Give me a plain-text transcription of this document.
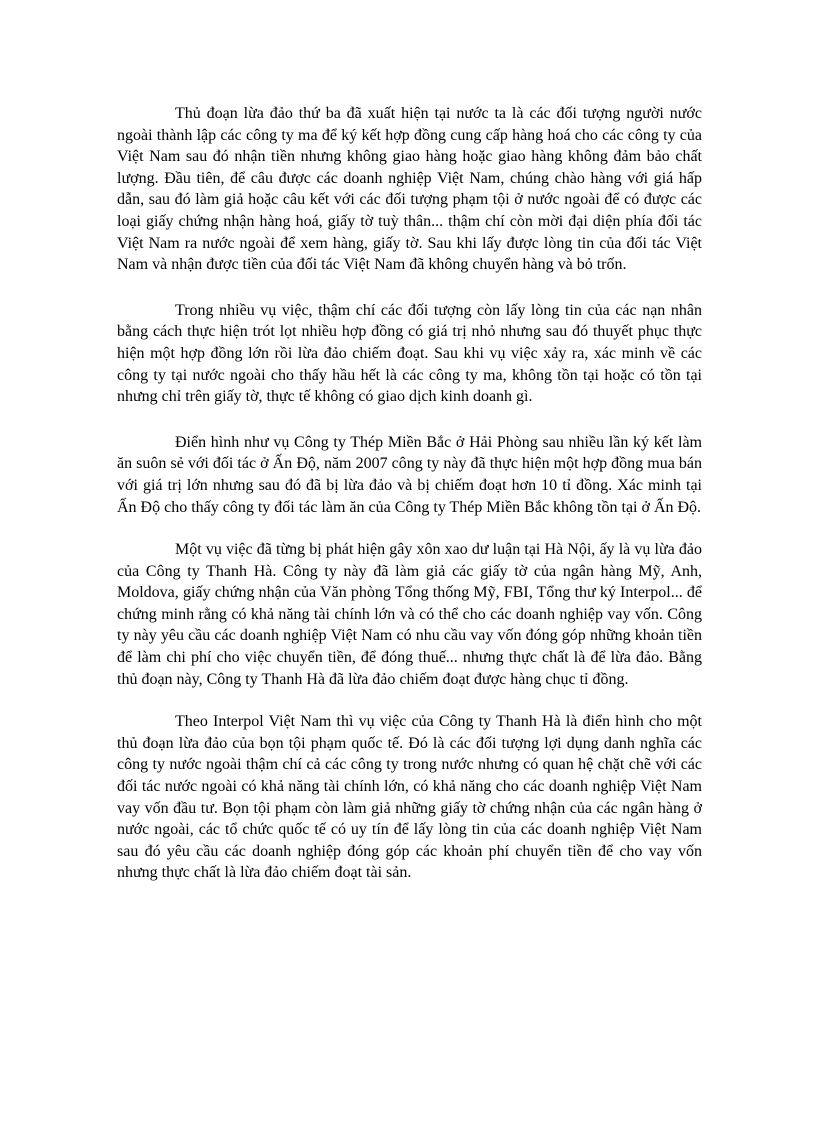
Thủ đoạn lừa đảo thứ ba đã xuất hiện tại nước ta là các đối tượng người nước ngoài thành lập các công ty ma để ký kết hợp đồng cung cấp hàng hoá cho các công ty của Việt Nam sau đó nhận tiền nhưng không giao hàng hoặc giao hàng không đảm bảo chất lượng. Đầu tiên, để câu được các doanh nghiệp Việt Nam, chúng chào hàng với giá hấp dẫn, sau đó làm giả hoặc câu kết với các đối tượng phạm tội ở nước ngoài để có được các loại giấy chứng nhận hàng hoá, giấy tờ tuỳ thân... thậm chí còn mời đại diện phía đối tác Việt Nam ra nước ngoài để xem hàng, giấy tờ. Sau khi lấy được lòng tin của đối tác Việt Nam và nhận được tiền của đối tác Việt Nam đã không chuyển hàng và bỏ trốn.

Trong nhiều vụ việc, thậm chí các đối tượng còn lấy lòng tin của các nạn nhân bằng cách thực hiện trót lọt nhiều hợp đồng có giá trị nhỏ nhưng sau đó thuyết phục thực hiện một hợp đồng lớn rồi lừa đảo chiếm đoạt. Sau khi vụ việc xảy ra, xác minh về các công ty tại nước ngoài cho thấy hầu hết là các công ty ma, không tồn tại hoặc có tồn tại nhưng chỉ trên giấy tờ, thực tế không có giao dịch kinh doanh gì.

Điển hình như vụ Công ty Thép Miền Bắc ở Hải Phòng sau nhiều lần ký kết làm ăn suôn sẻ với đối tác ở Ấn Độ, năm 2007 công ty này đã thực hiện một hợp đồng mua bán với giá trị lớn nhưng sau đó đã bị lừa đảo và bị chiếm đoạt hơn 10 tỉ đồng. Xác minh tại Ấn Độ cho thấy công ty đối tác làm ăn của Công ty Thép Miền Bắc không tồn tại ở Ấn Độ.

Một vụ việc đã từng bị phát hiện gây xôn xao dư luận tại Hà Nội, ấy là vụ lừa đảo của Công ty Thanh Hà. Công ty này đã làm giả các giấy tờ của ngân hàng Mỹ, Anh, Moldova, giấy chứng nhận của Văn phòng Tổng thống Mỹ, FBI, Tổng thư ký Interpol... để chứng minh rằng có khả năng tài chính lớn và có thể cho các doanh nghiệp vay vốn. Công ty này yêu cầu các doanh nghiệp Việt Nam có nhu cầu vay vốn đóng góp những khoản tiền để làm chi phí cho việc chuyển tiền, để đóng thuế... nhưng thực chất là để lừa đảo. Bằng thủ đoạn này, Công ty Thanh Hà đã lừa đảo chiếm đoạt được hàng chục tỉ đồng.

Theo Interpol Việt Nam thì vụ việc của Công ty Thanh Hà là điển hình cho một thủ đoạn lừa đảo của bọn tội phạm quốc tế. Đó là các đối tượng lợi dụng danh nghĩa các công ty nước ngoài thậm chí cả các công ty trong nước nhưng có quan hệ chặt chẽ với các đối tác nước ngoài có khả năng tài chính lớn, có khả năng cho các doanh nghiệp Việt Nam vay vốn đầu tư. Bọn tội phạm còn làm giả những giấy tờ chứng nhận của các ngân hàng ở nước ngoài, các tổ chức quốc tế có uy tín để lấy lòng tin của các doanh nghiệp Việt Nam sau đó yêu cầu các doanh nghiệp đóng góp các khoản phí chuyển tiền để cho vay vốn nhưng thực chất là lừa đảo chiếm đoạt tài sản.
